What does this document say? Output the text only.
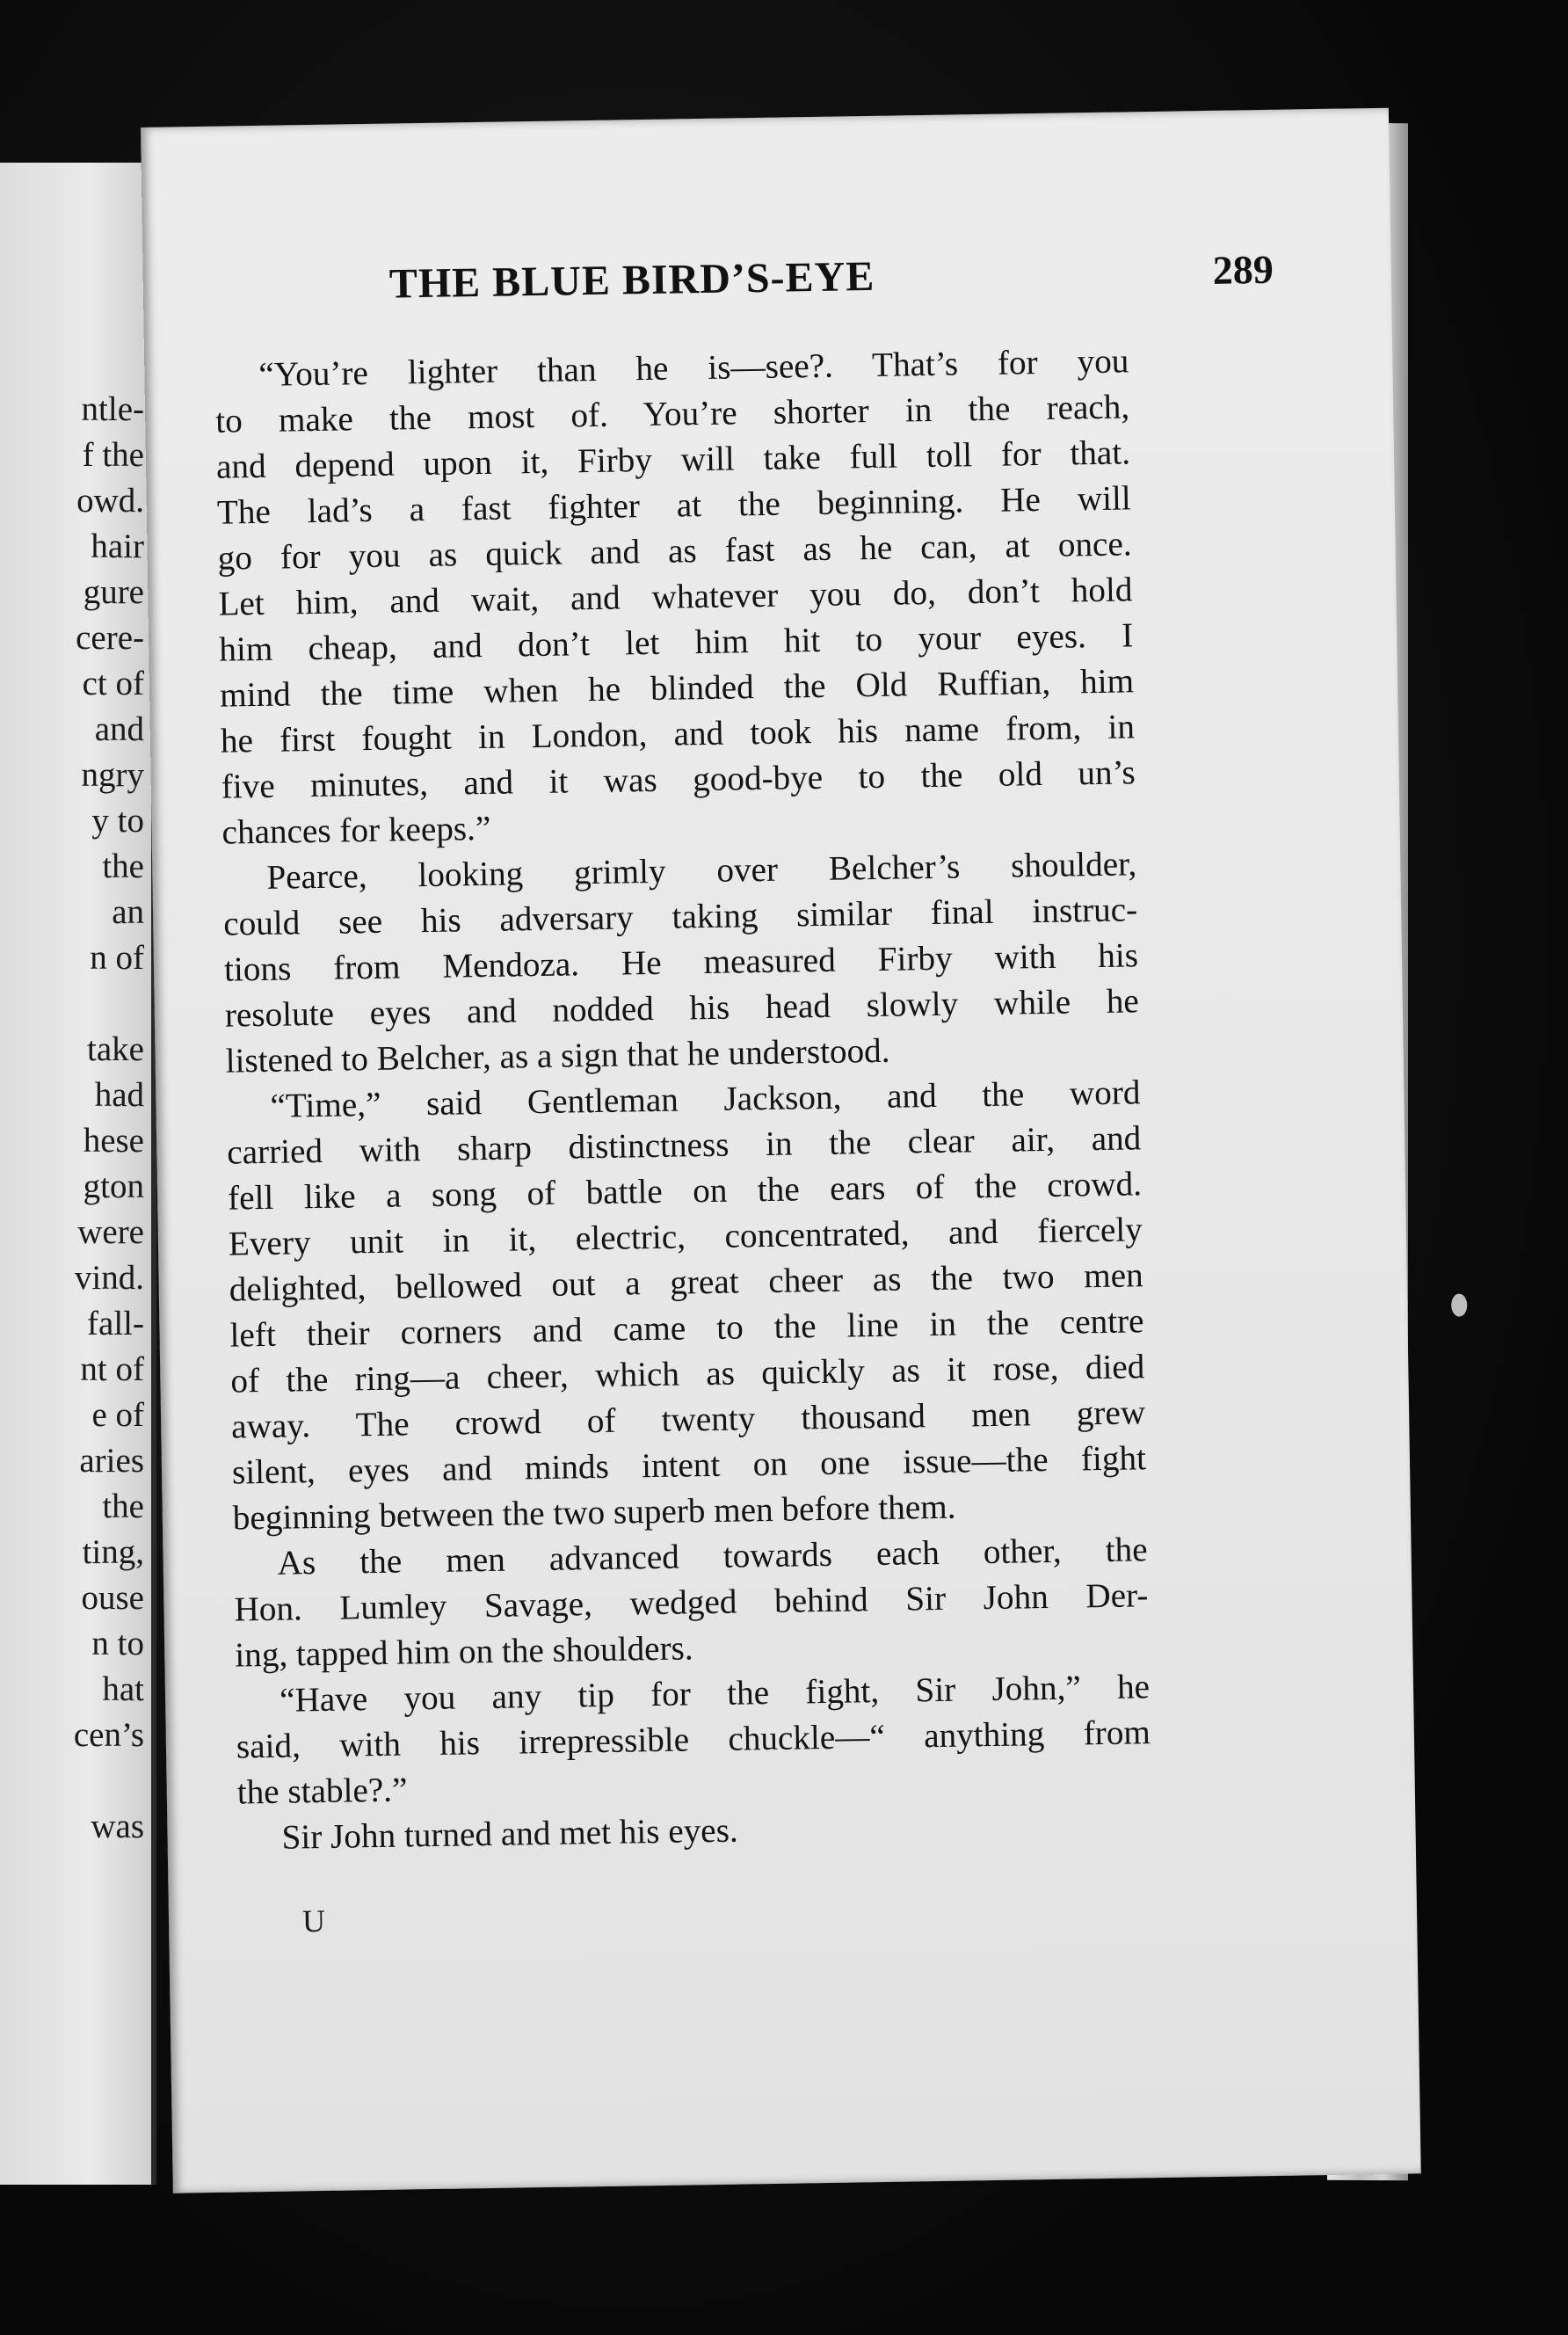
ntle-

f the

owd.

hair

gure

cere-

ct of

and

ngry

y to

the

an

n of

take

had

hese

gton

were

vind.

fall-

nt of

e of

aries

the

ting,

ouse

n to

hat

cen’s

was

THE BLUE BIRD’S-EYE	289

“You’re lighter than he is—see?. That’s for you

to make the most of. You’re shorter in the reach,

and depend upon it, Firby will take full toll for that.

The lad’s a fast fighter at the beginning. He will

go for you as quick and as fast as he can, at once.

Let him, and wait, and whatever you do, don’t hold

him cheap, and don’t let him hit to your eyes. I

mind the time when he blinded the Old Ruffian, him

he first fought in London, and took his name from, in

five minutes, and it was good-bye to the old un’s

chances for keeps.”

Pearce, looking grimly over Belcher’s shoulder,

could see his adversary taking similar final instruc-

tions from Mendoza. He measured Firby with his

resolute eyes and nodded his head slowly while he

listened to Belcher, as a sign that he understood.

“Time,” said Gentleman Jackson, and the word

carried with sharp distinctness in the clear air, and

fell like a song of battle on the ears of the crowd.

Every unit in it, electric, concentrated, and fiercely

delighted, bellowed out a great cheer as the two men

left their corners and came to the line in the centre

of the ring—a cheer, which as quickly as it rose, died

away. The crowd of twenty thousand men grew

silent, eyes and minds intent on one issue—the fight

beginning between the two superb men before them.

As the men advanced towards each other, the

Hon. Lumley Savage, wedged behind Sir John Der-

ing, tapped him on the shoulders.

“Have you any tip for the fight, Sir John,” he

said, with his irrepressible chuckle—“ anything from

the stable?.”

Sir John turned and met his eyes.

U
